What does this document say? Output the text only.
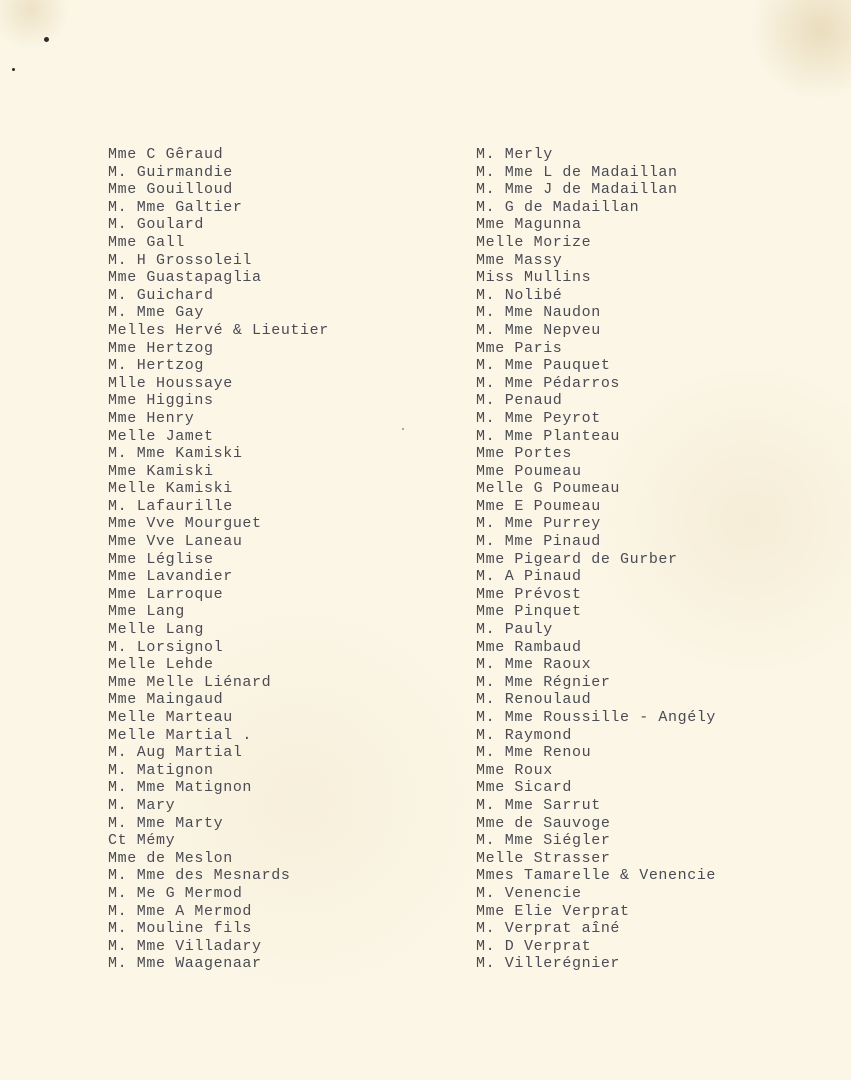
Mme C Gêraud
M. Guirmandie
Mme Gouilloud
M. Mme Galtier
M. Goulard
Mme Gall
M. H Grossoleil
Mme Guastapaglia
M. Guichard
M. Mme Gay
Melles Hervé & Lieutier
Mme Hertzog
M. Hertzog
Mlle Houssaye
Mme Higgins
Mme Henry
Melle Jamet
M. Mme Kamiski
Mme Kamiski
Melle Kamiski
M. Lafaurille
Mme Vve Mourguet
Mme Vve Laneau
Mme Léglise
Mme Lavandier
Mme Larroque
Mme Lang
Melle Lang
M. Lorsignol
Melle Lehde
Mme Melle Liénard
Mme Maingaud
Melle Marteau
Melle Martial .
M. Aug Martial
M. Matignon
M. Mme Matignon
M. Mary
M. Mme Marty
Ct Mémy
Mme de Meslon
M. Mme des Mesnards
M. Me G Mermod
M. Mme A Mermod
M. Mouline fils
M. Mme Villadary
M. Mme Waagenaar
M. Merly
M. Mme L de Madaillan
M. Mme J de Madaillan
M. G de Madaillan
Mme Magunna
Melle Morize
Mme Massy
Miss Mullins
M. Nolibé
M. Mme Naudon
M. Mme Nepveu
Mme Paris
M. Mme Pauquet
M. Mme Pédarros
M. Penaud
M. Mme Peyrot
M. Mme Planteau
Mme Portes
Mme Poumeau
Melle G Poumeau
Mme E Poumeau
M. Mme Purrey
M. Mme Pinaud
Mme Pigeard de Gurber
M. A Pinaud
Mme Prévost
Mme Pinquet
M. Pauly
Mme Rambaud
M. Mme Raoux
M. Mme Régnier
M. Renoulaud
M. Mme Roussille - Angély
M. Raymond
M. Mme Renou
Mme Roux
Mme Sicard
M. Mme Sarrut
Mme de Sauvoge
M. Mme Siégler
Melle Strasser
Mmes Tamarelle & Venencie
M. Venencie
Mme Elie Verprat
M. Verprat aîné
M. D Verprat
M. Villerégnier
